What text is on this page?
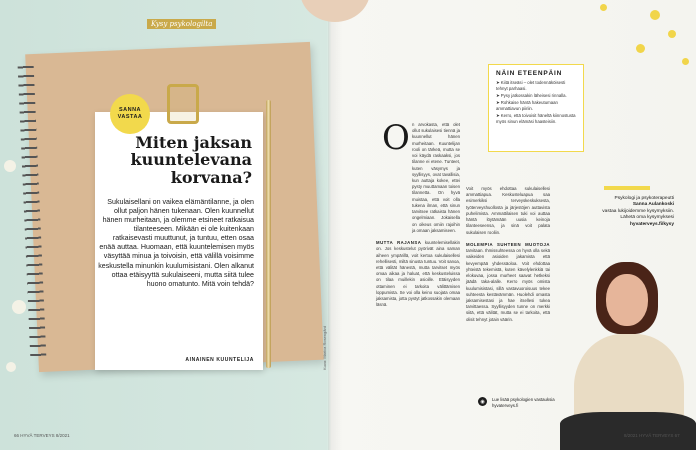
Kysy psykologilta
SANNA
VASTAA
Miten jaksan kuuntelevana korvana?
Sukulaisellani on vaikea elämäntilanne, ja olen ollut paljon hänen tukenaan. Olen kuunnellut hänen murheitaan, ja olemme etsineet ratkaisua tilanteeseen. Mikään ei ole kuitenkaan ratkaisevasti muuttunut, ja tuntuu, etten osaa enää auttaa. Huomaan, että kuuntelemisen myös väsyttää minua ja toivoisin, että välillä voisimme keskustella minunkin kuulumisistani. Olen alkanut ottaa etäisyyttä sukulaiseeni, mutta siitä tulee huono omatunto. Mitä voin tehdä?
AINAINEN KUUNTELIJA	Kuva: Marica Rosengård
66 HYVÄ TERVEYS 8/2021
O n arvokasta, että olet ollut sukulaisesi tiennä ja kuunnellut hänen murheitaan. Kuuntelijan rooli on tärkeä, mutta se voi käydä raskaaksi, jos tilanne ei etene. Tunteet, kuten väsymys ja syyllisyys, ovat tavallisia, kun auttaja kokee, ettei pysty muuttamaan toisen tilannetta. On hyvä muistaa, että voit olla tukena ilman, että sinun tarvitsee ratkaista hänen ongelmiaan. Jokaisella on oikeus omiin rajoihin ja omaan jaksamiseen.

MUTTA RAJANSA kuuntelemisellakin on. Jos keskustelut pyörivät aina saman aiheen ympärillä, voit kertoa sukulaisellesi rehellisesti, miltä sinusta tuntuu. Voit sanoa, että välität hänestä, mutta tarvitset myös omaa aikaa ja haluat, että keskusteluissa on tilaa muillekin asioille. Etäisyyden ottaminen ei tarkoita välittämisen loppumista. Se voi olla keino suojata omaa jaksamista, jotta pystyt jatkossakin olemaan läsnä.
Voit myös ehdottaa sukulaisellesi ammattiapua. Keskusteluapua saa esimerkiksi terveyskeskuksesta, työterveyshuollosta ja järjestöjen auttavista puhelimista. Ammattilaisen tuki voi auttaa häntä löytämään uusia keinoja tilanteeseensa, ja sinä voit palata sukulaisen rooliin.

MOLEMPIA SUHTEEN MUOTOJA tarvitaan. Ihmissuhteessa on hyvä olla sekä vaikeiden asioiden jakamista että kevyempää yhdessäoloa. Voit ehdottaa yhteistä tekemistä, kuten kävelylenkkiä tai elokuvaa, jossa murheet saavat hetkeksi jäädä taka-alalle. Kerro myös omista kuulumisistasi, sillä vastavuoroisuus tekee suhteesta kestävämmän. Huolehdi omasta jaksamisestasi ja hae itsellesi tukea tarvittaessa. Syyllisyyden tunne on merkki siitä, että välität, mutta se ei tarkoita, että olisit tehnyt jotain väärin.
NÄIN ETEENPÄIN

➤ Kiitä itseäsi – olet todennäköisesti tehnyt parhaasi.

➤ Pysy jatkossakin läheisesi rinnalla.

➤ Rohkaise häntä hakeutumaan ammattiavun piiriin.

➤ Kerro, että toivoisit häneltä kiinnostusta myös sinun elämäsi haasteisiin.

Psykologi ja psykoterapeutti
Sanna Aulankoski
vastaa lukijoidemme kysymyksiin.
Lähetä oma kysymyksesi
hyvaterveys.fi/kysy
◉	Lue lisää psykologien vastauksia hyvaterveys.fi
8/2021 HYVÄ TERVEYS 67
